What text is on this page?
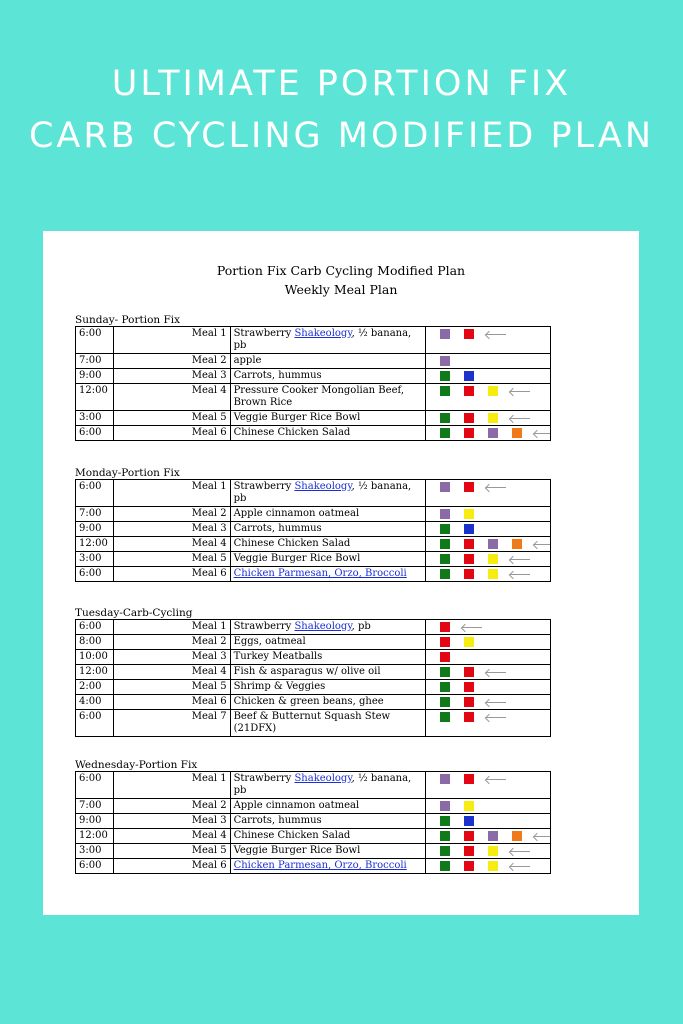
ULTIMATE PORTION FIX
CARB CYCLING MODIFIED PLAN
Portion Fix Carb Cycling Modified Plan
Weekly Meal Plan
Sunday- Portion Fix
6:00	Meal 1	Strawberry Shakeology, ½ banana, pb	

7:00	Meal 2	apple	

9:00	Meal 3	Carrots, hummus	

12:00	Meal 4	Pressure Cooker Mongolian Beef, Brown Rice	

3:00	Meal 5	Veggie Burger Rice Bowl	

6:00	Meal 6	Chinese Chicken Salad	
Monday-Portion Fix
6:00	Meal 1	Strawberry Shakeology, ½ banana, pb	

7:00	Meal 2	Apple cinnamon oatmeal	

9:00	Meal 3	Carrots, hummus	

12:00	Meal 4	Chinese Chicken Salad	

3:00	Meal 5	Veggie Burger Rice Bowl	

6:00	Meal 6	Chicken Parmesan, Orzo, Broccoli	
Tuesday-Carb-Cycling
6:00	Meal 1	Strawberry Shakeology, pb	

8:00	Meal 2	Eggs, oatmeal	

10:00	Meal 3	Turkey Meatballs	

12:00	Meal 4	Fish & asparagus w/ olive oil	

2:00	Meal 5	Shrimp & Veggies	

4:00	Meal 6	Chicken & green beans, ghee	

6:00	Meal 7	Beef & Butternut Squash Stew (21DFX)	
Wednesday-Portion Fix
6:00	Meal 1	Strawberry Shakeology, ½ banana, pb	

7:00	Meal 2	Apple cinnamon oatmeal	

9:00	Meal 3	Carrots, hummus	

12:00	Meal 4	Chinese Chicken Salad	

3:00	Meal 5	Veggie Burger Rice Bowl	

6:00	Meal 6	Chicken Parmesan, Orzo, Broccoli	
